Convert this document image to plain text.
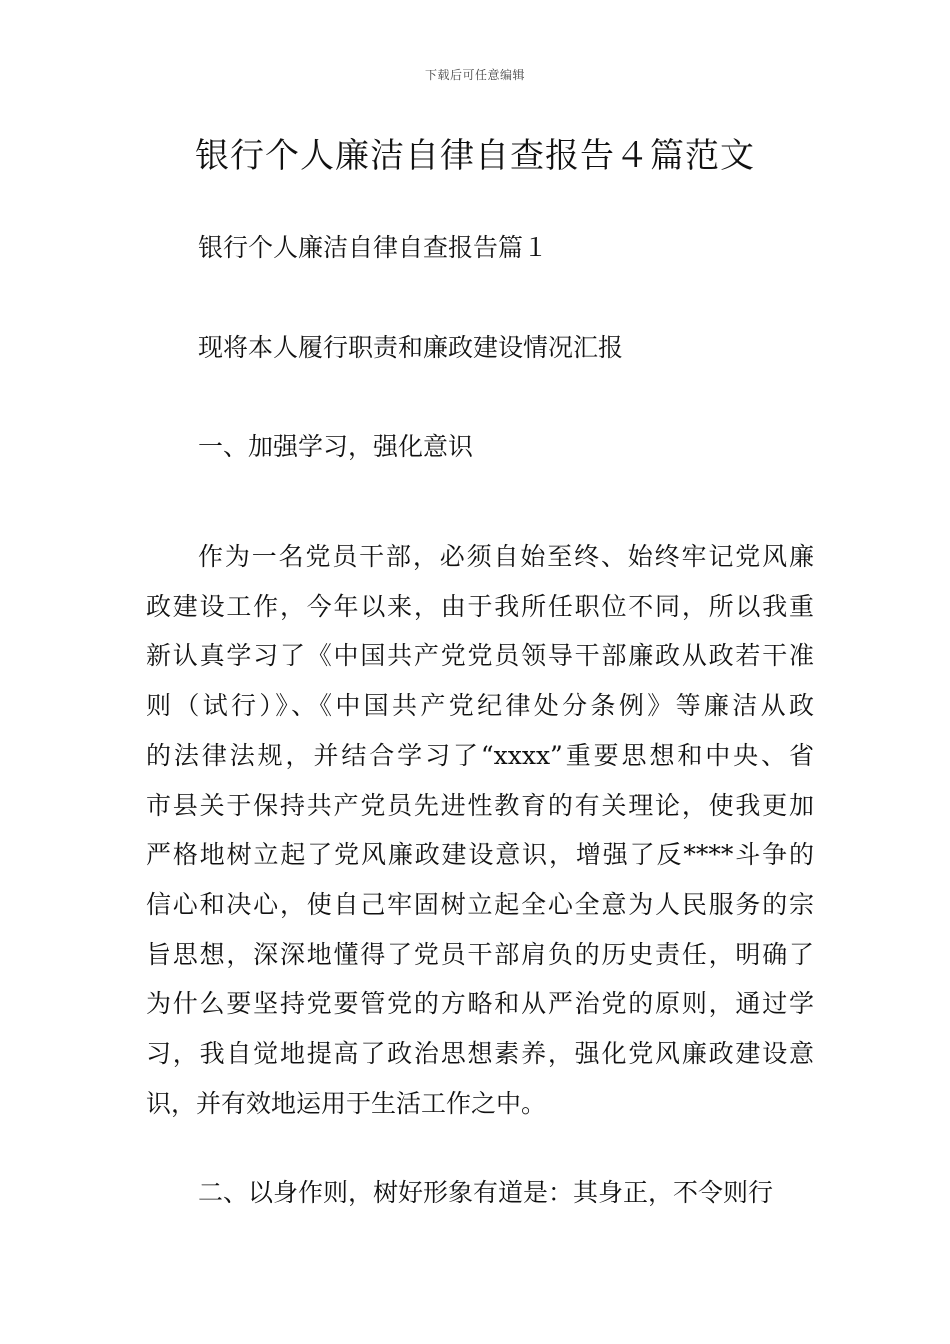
下载后可任意编辑
银行个人廉洁自律自查报告４篇范文

银行个人廉洁自律自查报告篇１

现将本人履行职责和廉政建设情况汇报

一、加强学习，强化意识

作为一名党员干部，必须自始至终、始终牢记党风廉
政建设工作，今年以来，由于我所任职位不同，所以我重
新认真学习了《中国共产党党员领导干部廉政从政若干准
则（试行）》、《中国共产党纪律处分条例》等廉洁从政
的法律法规，并结合学习了“xxxx”重要思想和中央、省
市县关于保持共产党员先进性教育的有关理论，使我更加
严格地树立起了党风廉政建设意识，增强了反****斗争的
信心和决心，使自己牢固树立起全心全意为人民服务的宗
旨思想，深深地懂得了党员干部肩负的历史责任，明确了
为什么要坚持党要管党的方略和从严治党的原则，通过学
习，我自觉地提高了政治思想素养，强化党风廉政建设意
识，并有效地运用于生活工作之中。

二、以身作则，树好形象有道是：其身正，不令则行
